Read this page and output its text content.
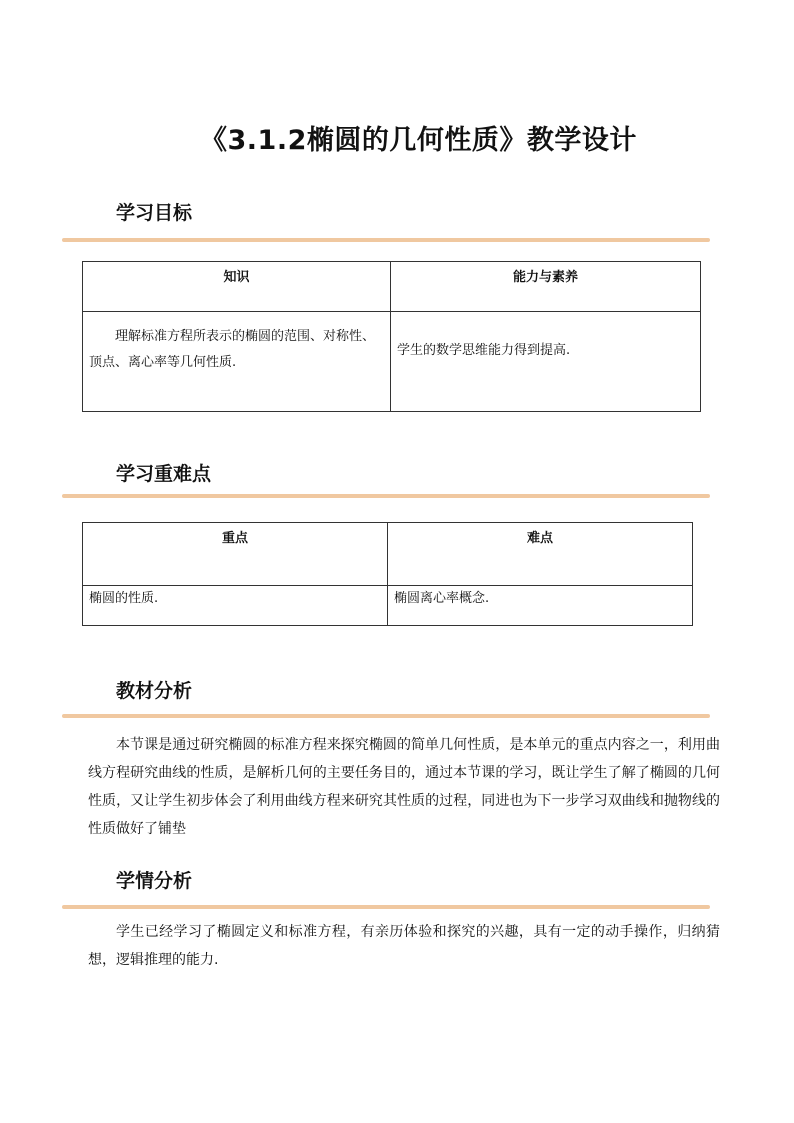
《3.1.2椭圆的几何性质》教学设计
学习目标
知识	能力与素养

理解标准方程所表示的椭圆的范围、对称性、顶点、离心率等几何性质.	学生的数学思维能力得到提高.
学习重难点
重点	难点

椭圆的性质.	椭圆离心率概念.
教材分析
本节课是通过研究椭圆的标准方程来探究椭圆的简单几何性质，是本单元的重点内容之一，利用曲线方程研究曲线的性质，是解析几何的主要任务目的，通过本节课的学习，既让学生了解了椭圆的几何性质，又让学生初步体会了利用曲线方程来研究其性质的过程，同进也为下一步学习双曲线和抛物线的性质做好了铺垫
学情分析
学生已经学习了椭圆定义和标准方程，有亲历体验和探究的兴趣，具有一定的动手操作，归纳猜想，逻辑推理的能力.
